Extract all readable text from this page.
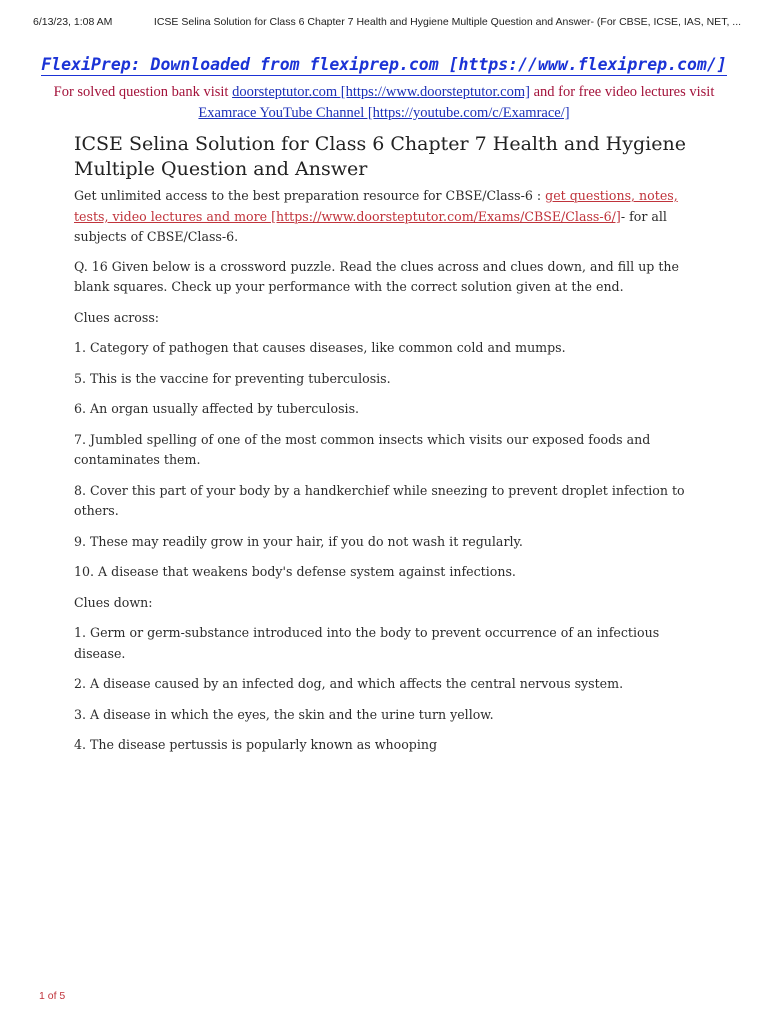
6/13/23, 1:08 AM	ICSE Selina Solution for Class 6 Chapter 7 Health and Hygiene Multiple Question and Answer- (For CBSE, ICSE, IAS, NET, ...
FlexiPrep: Downloaded from flexiprep.com [https://www.flexiprep.com/]
For solved question bank visit doorsteptutor.com [https://www.doorsteptutor.com] and for free video lectures visit Examrace YouTube Channel [https://youtube.com/c/Examrace/]
ICSE Selina Solution for Class 6 Chapter 7 Health and Hygiene Multiple Question and Answer
Get unlimited access to the best preparation resource for CBSE/Class-6 : get questions, notes, tests, video lectures and more [https://www.doorsteptutor.com/Exams/CBSE/Class-6/]- for all subjects of CBSE/Class-6.

Q. 16 Given below is a crossword puzzle. Read the clues across and clues down, and fill up the blank squares. Check up your performance with the correct solution given at the end.

Clues across:

1. Category of pathogen that causes diseases, like common cold and mumps.

5. This is the vaccine for preventing tuberculosis.

6. An organ usually affected by tuberculosis.

7. Jumbled spelling of one of the most common insects which visits our exposed foods and contaminates them.

8. Cover this part of your body by a handkerchief while sneezing to prevent droplet infection to others.

9. These may readily grow in your hair, if you do not wash it regularly.

10. A disease that weakens body's defense system against infections.

Clues down:

1. Germ or germ-substance introduced into the body to prevent occurrence of an infectious disease.

2. A disease caused by an infected dog, and which affects the central nervous system.

3. A disease in which the eyes, the skin and the urine turn yellow.

4. The disease pertussis is popularly known as whooping

1 of 5
